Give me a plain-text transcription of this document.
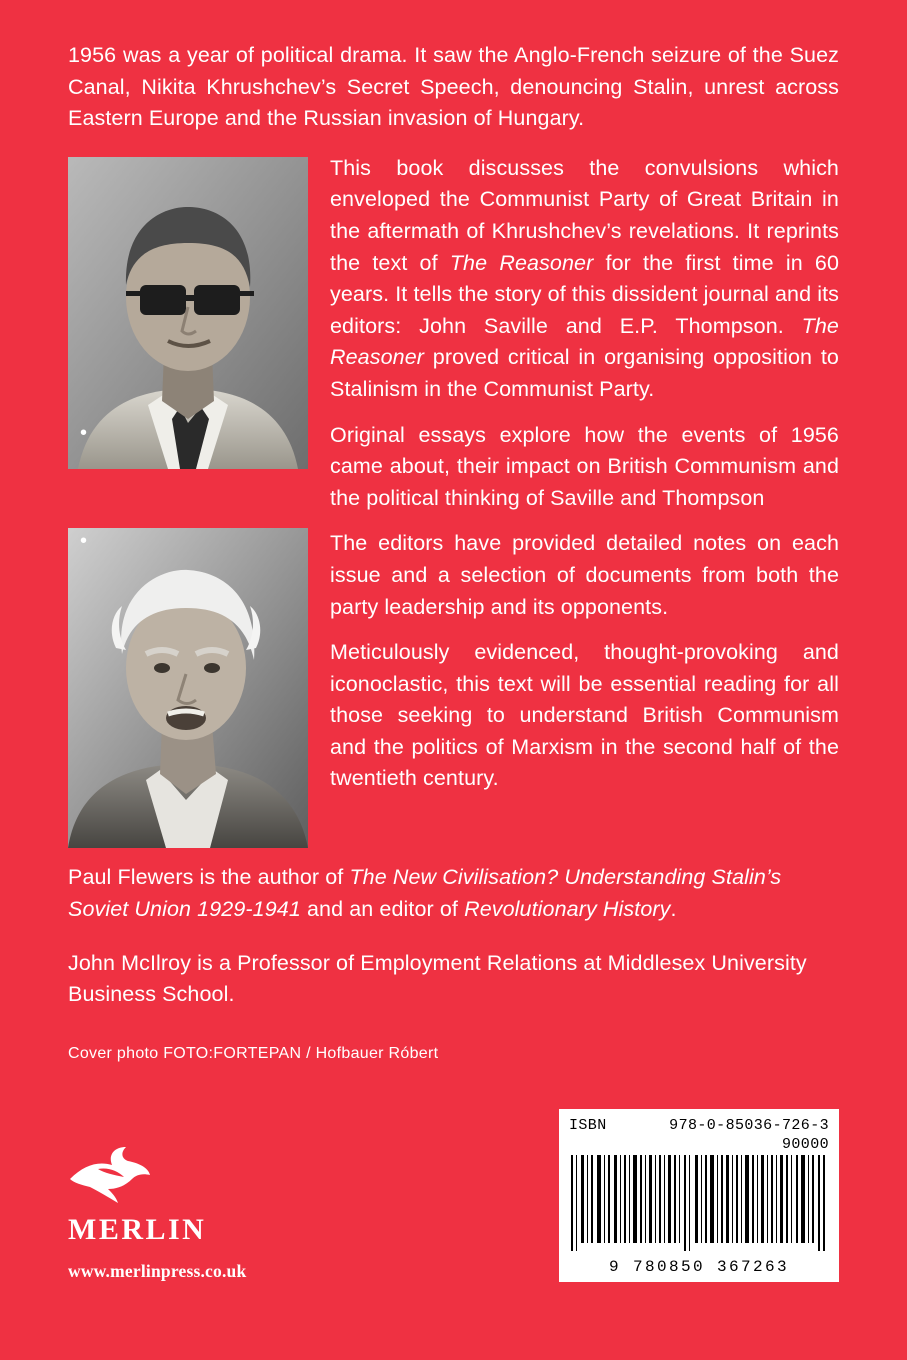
1956 was a year of political drama. It saw the Anglo-French seizure of the Suez Canal, Nikita Khrushchev’s Secret Speech, denouncing Stalin, unrest across Eastern Europe and the Russian invasion of Hungary.

This book discusses the convulsions which enveloped the Communist Party of Great Britain in the aftermath of Khrushchev’s revelations. It reprints the text of The Reasoner for the first time in 60 years. It tells the story of this dissident journal and its editors: John Saville and E.P. Thompson. The Reasoner proved critical in organising opposition to Stalinism in the Communist Party.

• Original essays explore how the events of 1956 came about, their impact on British Communism and the political thinking of Saville and Thompson
• The editors have provided detailed notes on each issue and a selection of documents from both the party leadership and its opponents.

Meticulously evidenced, thought-provoking and iconoclastic, this text will be essential reading for all those seeking to understand British Communism and the politics of Marxism in the second half of the twentieth century.

Paul Flewers is the author of The New Civilisation? Understanding Stalin’s Soviet Union 1929-1941 and an editor of Revolutionary History.

John McIlroy is a Professor of Employment Relations at Middlesex University Business School.

Cover photo FOTO:FORTEPAN / Hofbauer Róbert

MERLIN

www.merlinpress.co.uk

ISBN	978-0-85036-726-3
90000
9 780850 367263
